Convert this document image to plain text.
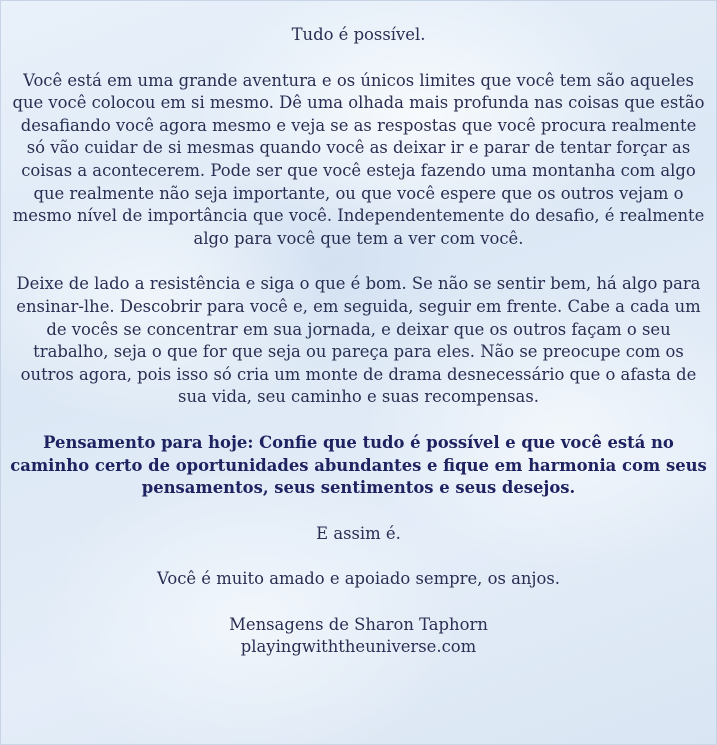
Tudo é possível.

Você está em uma grande aventura e os únicos limites que você tem são aqueles que você colocou em si mesmo. Dê uma olhada mais profunda nas coisas que estão desafiando você agora mesmo e veja se as respostas que você procura realmente só vão cuidar de si mesmas quando você as deixar ir e parar de tentar forçar as coisas a acontecerem. Pode ser que você esteja fazendo uma montanha com algo que realmente não seja importante, ou que você espere que os outros vejam o mesmo nível de importância que você. Independentemente do desafio, é realmente algo para você que tem a ver com você.

Deixe de lado a resistência e siga o que é bom. Se não se sentir bem, há algo para ensinar-lhe. Descobrir para você e, em seguida, seguir em frente. Cabe a cada um de vocês se concentrar em sua jornada, e deixar que os outros façam o seu trabalho, seja o que for que seja ou pareça para eles. Não se preocupe com os outros agora, pois isso só cria um monte de drama desnecessário que o afasta de sua vida, seu caminho e suas recompensas.

Pensamento para hoje: Confie que tudo é possível e que você está no caminho certo de oportunidades abundantes e fique em harmonia com seus pensamentos, seus sentimentos e seus desejos.

E assim é.

Você é muito amado e apoiado sempre, os anjos.

Mensagens de Sharon Taphorn

playingwiththeuniverse.com
